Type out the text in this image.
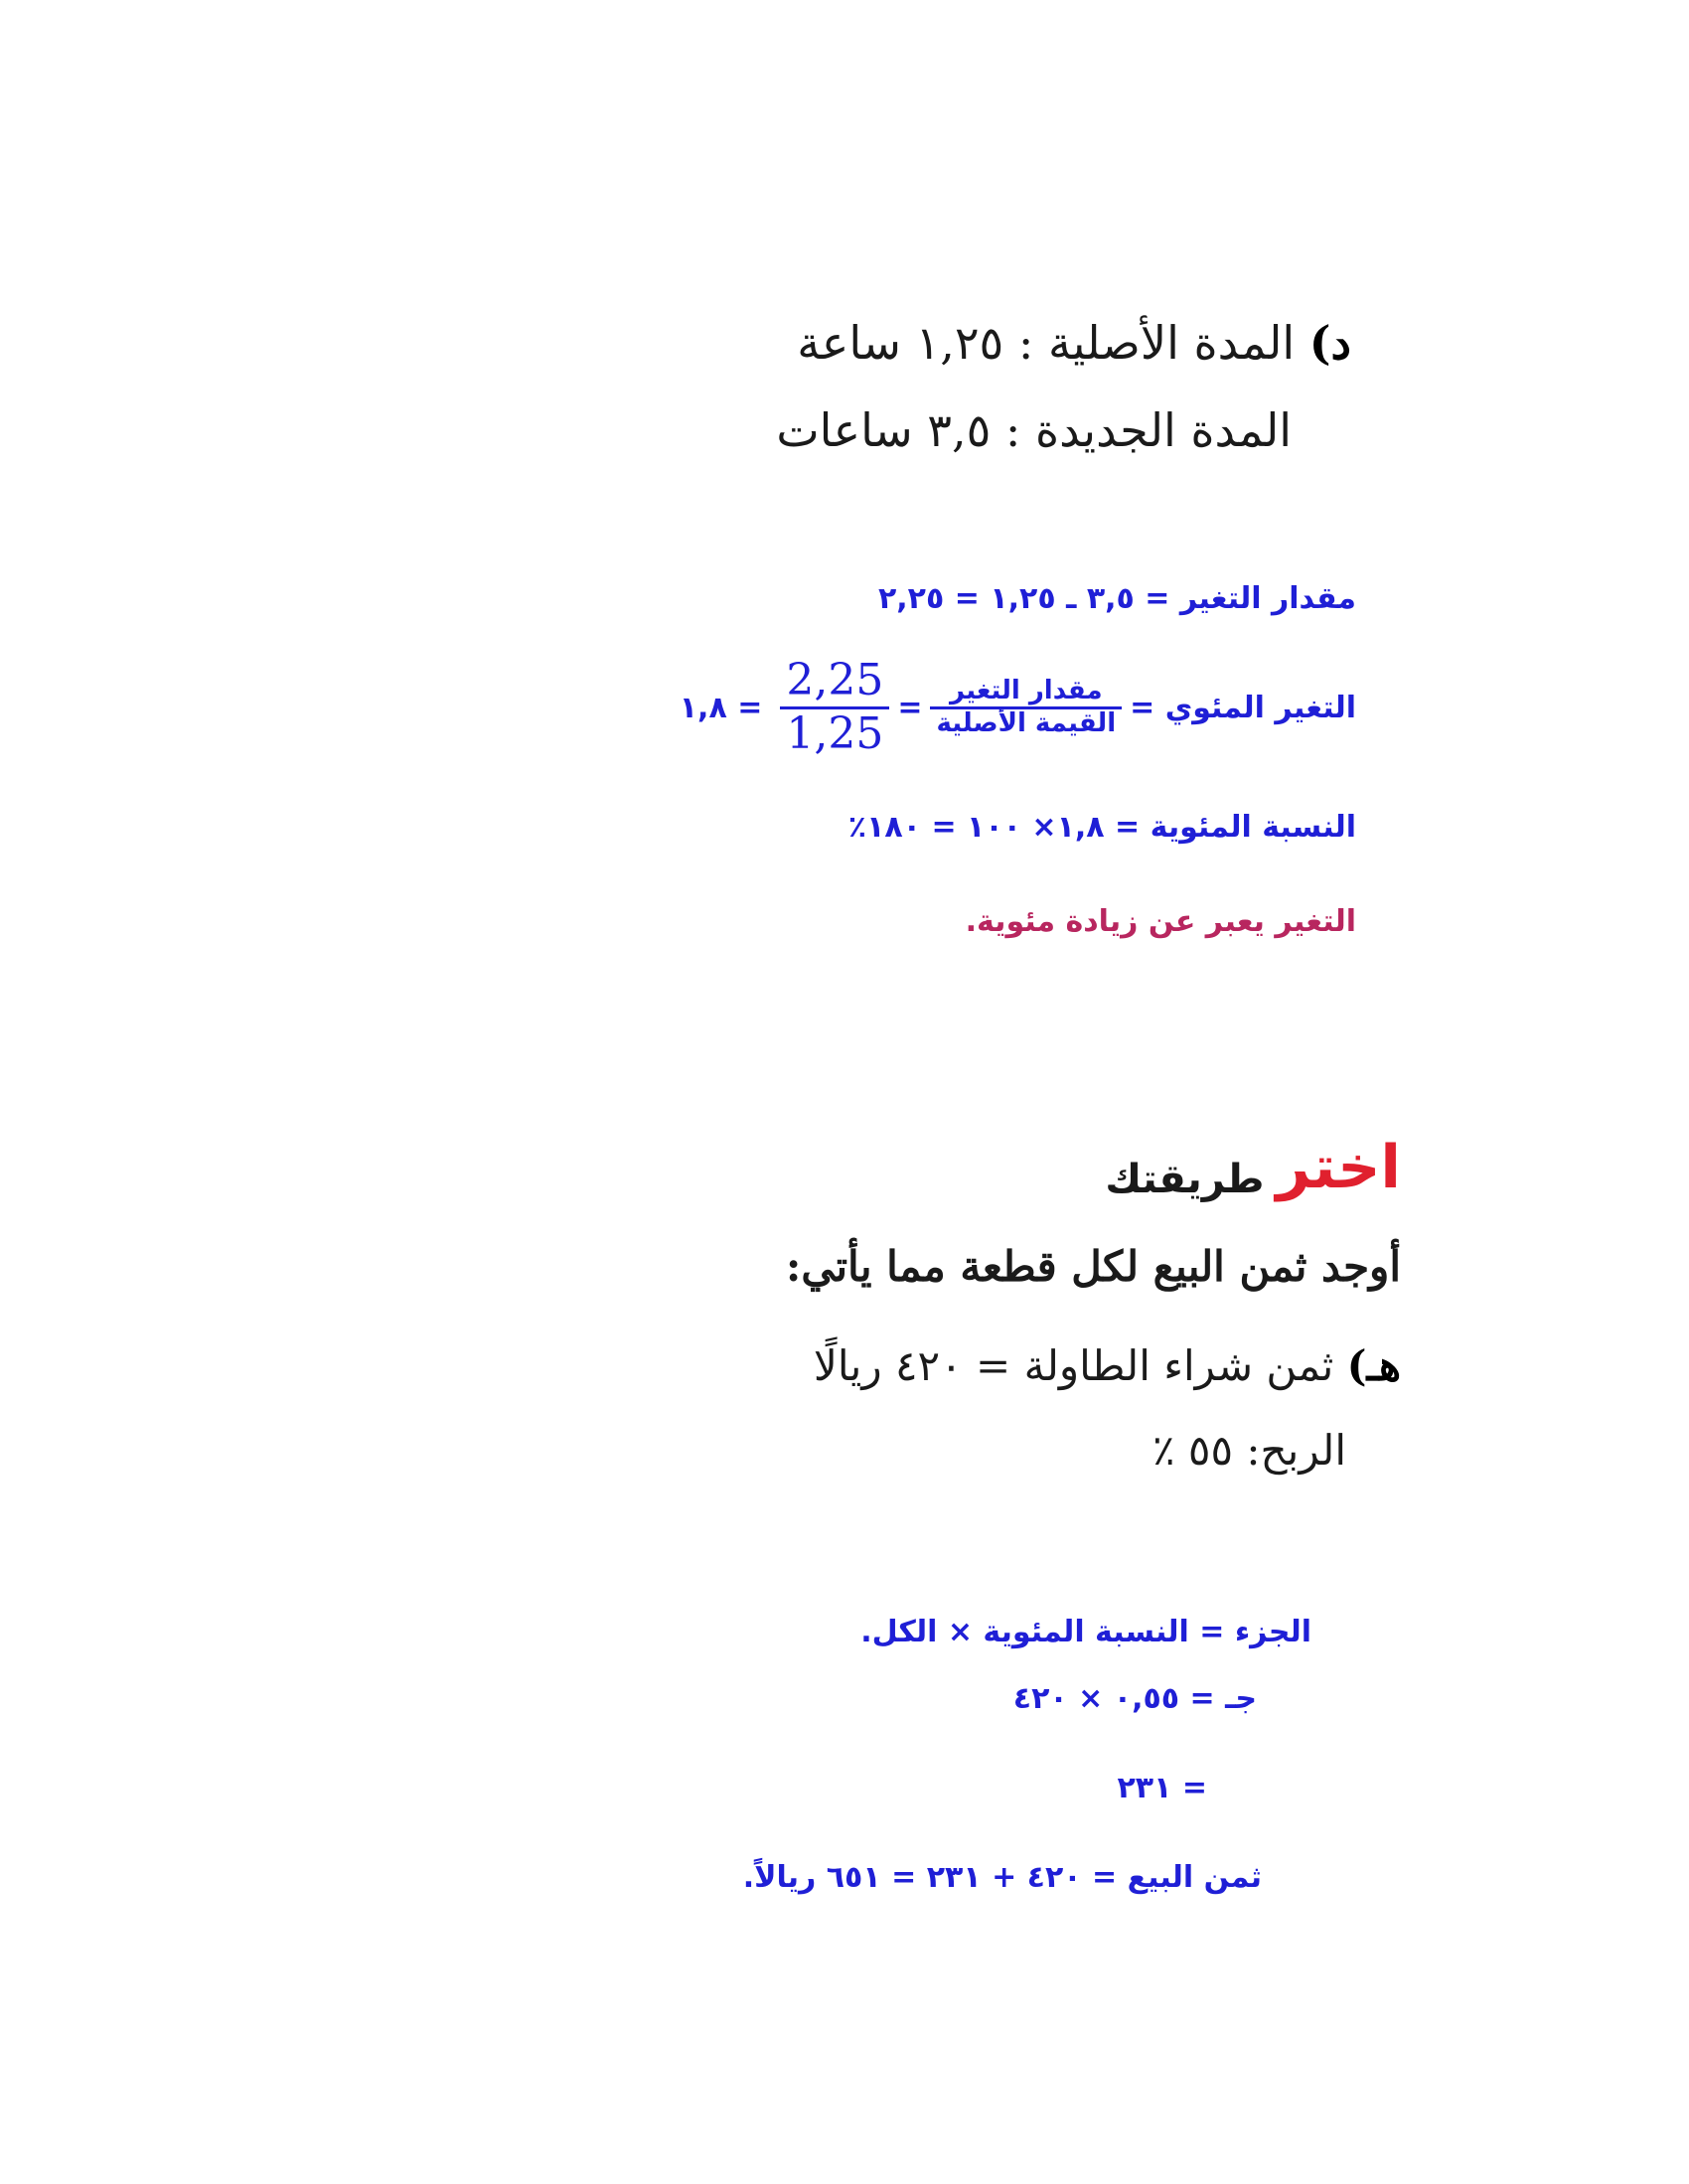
د) المدة الأصلية : ١,٢٥ ساعة
المدة الجديدة : ٣,٥ ساعات
مقدار التغير = ٣,٥ ـ ١,٢٥ = ٢,٢٥
التغير المئوي =
$\frac{\text{مقدار التغير}}{\text{القيمة الأصلية}}$
=
$\frac{2,25}{1,25}$
= ١,٨
النسبة المئوية = ١,٨× ١٠٠ = ١٨٠٪
التغير يعبر عن زيادة مئوية.
اختر
طريقتك
أوجد ثمن البيع لكل قطعة مما يأتي:
هـ) ثمن شراء الطاولة = ٤٢٠ ريالًا
الربح: ٥٥ ٪
الجزء = النسبة المئوية × الكل.
جـ = ٠,٥٥ × ٤٢٠
= ٢٣١
ثمن البيع = ٤٢٠ + ٢٣١ = ٦٥١ ريالاً.
